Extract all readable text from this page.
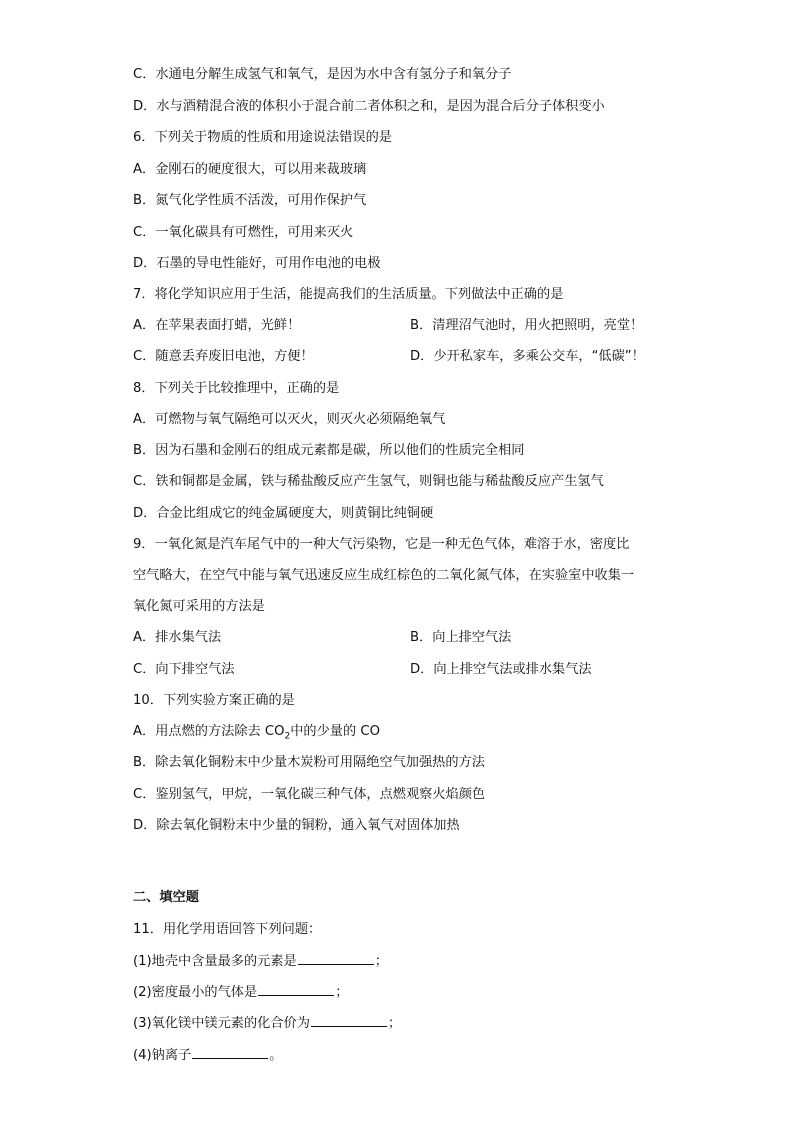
C．水通电分解生成氢气和氧气，是因为水中含有氢分子和氧分子
D．水与酒精混合液的体积小于混合前二者体积之和，是因为混合后分子体积变小
6．下列关于物质的性质和用途说法错误的是
A．金刚石的硬度很大，可以用来裁玻璃
B．氮气化学性质不活泼，可用作保护气
C．一氧化碳具有可燃性，可用来灭火
D．石墨的导电性能好，可用作电池的电极
7．将化学知识应用于生活，能提高我们的生活质量。下列做法中正确的是
A．在苹果表面打蜡，光鲜！	B．清理沼气池时，用火把照明，亮堂！
C．随意丢弃废旧电池，方便！	D．少开私家车，多乘公交车，“低碳”！
8．下列关于比较推理中，正确的是
A．可燃物与氧气隔绝可以灭火，则灭火必须隔绝氧气
B．因为石墨和金刚石的组成元素都是碳，所以他们的性质完全相同
C．铁和铜都是金属，铁与稀盐酸反应产生氢气，则铜也能与稀盐酸反应产生氢气
D．合金比组成它的纯金属硬度大，则黄铜比纯铜硬
9．一氧化氮是汽车尾气中的一种大气污染物，它是一种无色气体，难溶于水，密度比
空气略大，在空气中能与氧气迅速反应生成红棕色的二氧化氮气体，在实验室中收集一
氧化氮可采用的方法是
A．排水集气法	B．向上排空气法
C．向下排空气法	D．向上排空气法或排水集气法
10．下列实验方案正确的是
A．用点燃的方法除去 $CO_2$中的少量的 CO
B．除去氧化铜粉末中少量木炭粉可用隔绝空气加强热的方法
C．鉴别氢气，甲烷，一氧化碳三种气体，点燃观察火焰颜色
D．除去氧化铜粉末中少量的铜粉，通入氧气对固体加热
二、填空题
11．用化学用语回答下列问题：
(1)地壳中含量最多的元素是	；
(2)密度最小的气体是	；
(3)氧化镁中镁元素的化合价为	；
(4)钠离子	。
